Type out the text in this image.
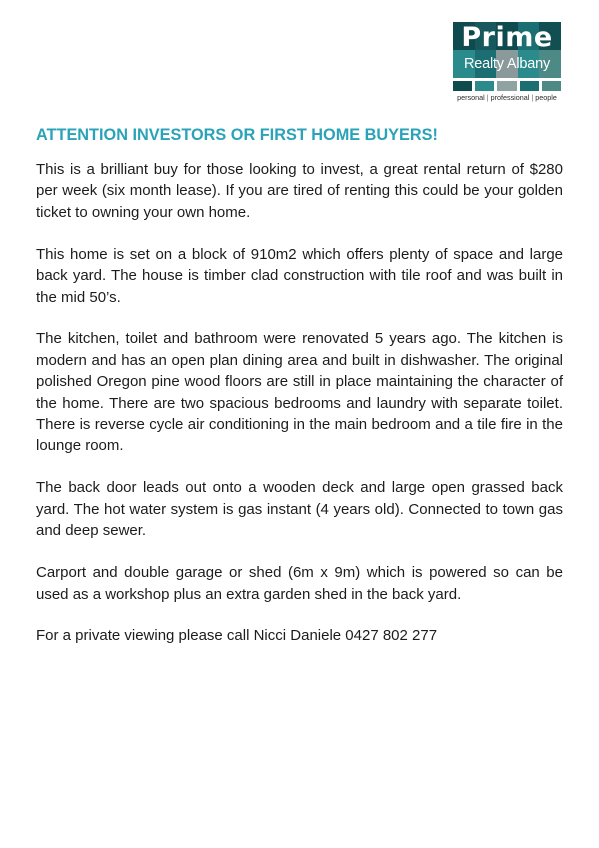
Prime
Realty Albany
personal | professional | people
ATTENTION INVESTORS OR FIRST HOME BUYERS!

This is a brilliant buy for those looking to invest, a great rental return of $280 per week (six month lease). If you are tired of renting this could be your golden ticket to owning your own home.

This home is set on a block of 910m2 which offers plenty of space and large back yard. The house is timber clad construction with tile roof and was built in the mid 50’s.

The kitchen, toilet and bathroom were renovated 5 years ago. The kitchen is modern and has an open plan dining area and built in dishwasher. The original polished Oregon pine wood floors are still in place maintaining the character of the home. There are two spacious bedrooms and laundry with separate toilet. There is reverse cycle air conditioning in the main bedroom and a tile fire in the lounge room.

The back door leads out onto a wooden deck and large open grassed back yard. The hot water system is gas instant (4 years old). Connected to town gas and deep sewer.

Carport and double garage or shed (6m x 9m) which is powered so can be used as a workshop plus an extra garden shed in the back yard.

For a private viewing please call Nicci Daniele 0427 802 277
